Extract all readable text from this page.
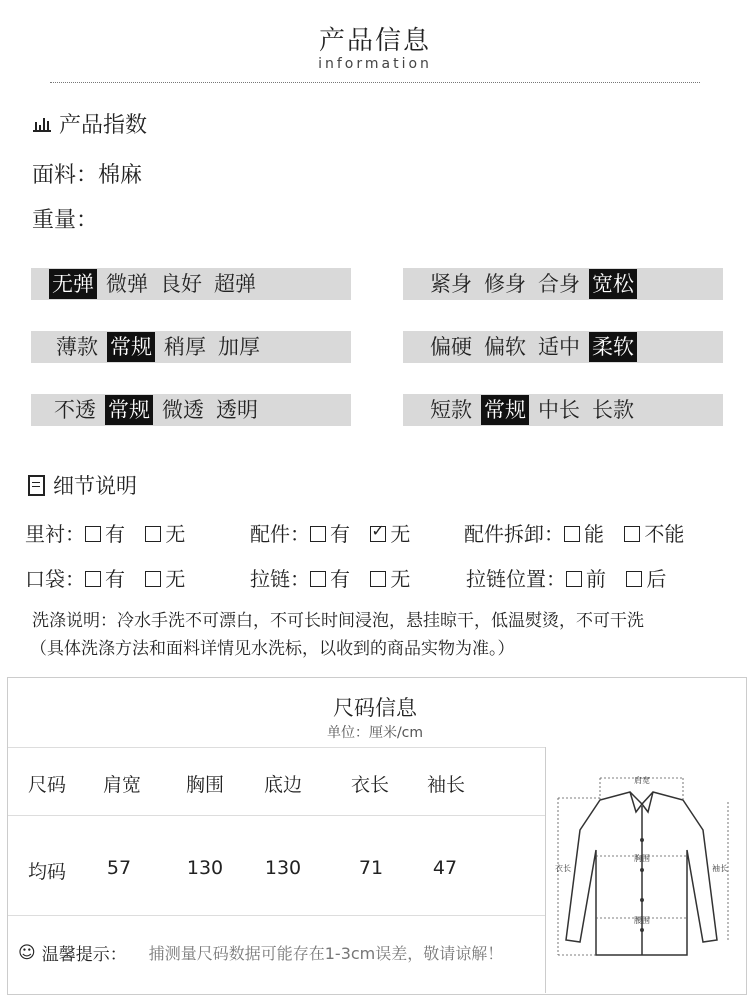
产品信息
information
产品指数
面料：棉麻
重量：
无弹 微弹 良好 超弹	紧身 修身 合身 宽松
薄款 常规 稍厚 加厚	偏硬 偏软 适中 柔软
不透 常规 微透 透明	短款 常规 中长 长款
细节说明
里衬： 有 无	配件： 有 ✓ 无	配件拆卸： 能 不能
口袋： 有 无	拉链： 有 无	拉链位置： 前 后
洗涤说明：冷水手洗不可漂白，不可长时间浸泡，悬挂晾干，低温熨烫，不可干洗
（具体洗涤方法和面料详情见水洗标，以收到的商品实物为准。）
尺码信息
单位：厘米/cm
尺码	肩宽	胸围	底边	衣长	袖长
均码	57	130	130	71	47
☺ 温馨提示： 捕测量尺码数据可能存在1-3cm误差，敬请谅解！
肩宽
胸围
腰围
衣长	袖长
